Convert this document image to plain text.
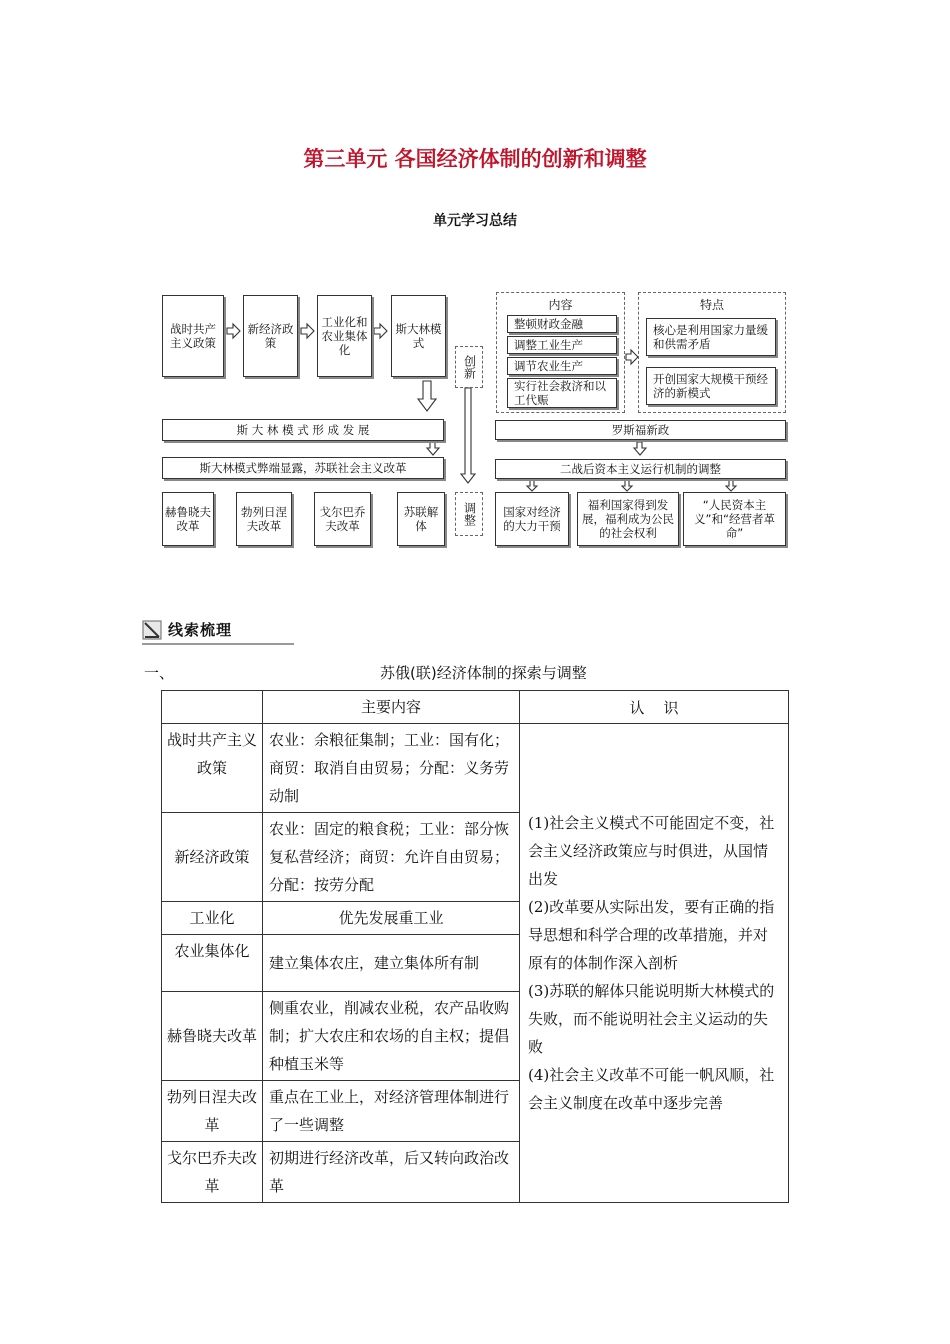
第三单元 各国经济体制的创新和调整
单元学习总结
战时共产主义政策
新经济政策
工业化和农业集体化
斯大林模式
斯 大 林 模 式 形 成 发 展
斯大林模式弊端显露，苏联社会主义改革
赫鲁晓夫改革
勃列日涅夫改革
戈尔巴乔夫改革
苏联解体
创新
调整
内容
整顿财政金融
调整工业生产
调节农业生产
实行社会救济和以工代赈
特点
核心是利用国家力量缓和供需矛盾
开创国家大规模干预经济的新模式
罗斯福新政
二战后资本主义运行机制的调整
国家对经济的大力干预
福利国家得到发展，福利成为公民的社会权利
“人民资本主义”和“经营者革命”
线索梳理
一、	苏俄(联)经济体制的探索与调整
	主要内容	认    识
战时共产主义政策	农业：余粮征集制；工业：国有化；商贸：取消自由贸易；分配：义务劳动制	(1)社会主义模式不可能固定不变，社会主义经济政策应与时俱进，从国情出发
(2)改革要从实际出发，要有正确的指导思想和科学合理的改革措施，并对原有的体制作深入剖析
(3)苏联的解体只能说明斯大林模式的失败，而不能说明社会主义运动的失败
(4)社会主义改革不可能一帆风顺，社会主义制度在改革中逐步完善

新经济政策	农业：固定的粮食税；工业：部分恢复私营经济；商贸：允许自由贸易；分配：按劳分配	
工业化	优先发展重工业	
农业集体化	建立集体农庄，建立集体所有制	
赫鲁晓夫改革	侧重农业，削减农业税，农产品收购制；扩大农庄和农场的自主权；提倡种植玉米等	
勃列日涅夫改革	重点在工业上，对经济管理体制进行了一些调整	
戈尔巴乔夫改革	初期进行经济改革，后又转向政治改革	
